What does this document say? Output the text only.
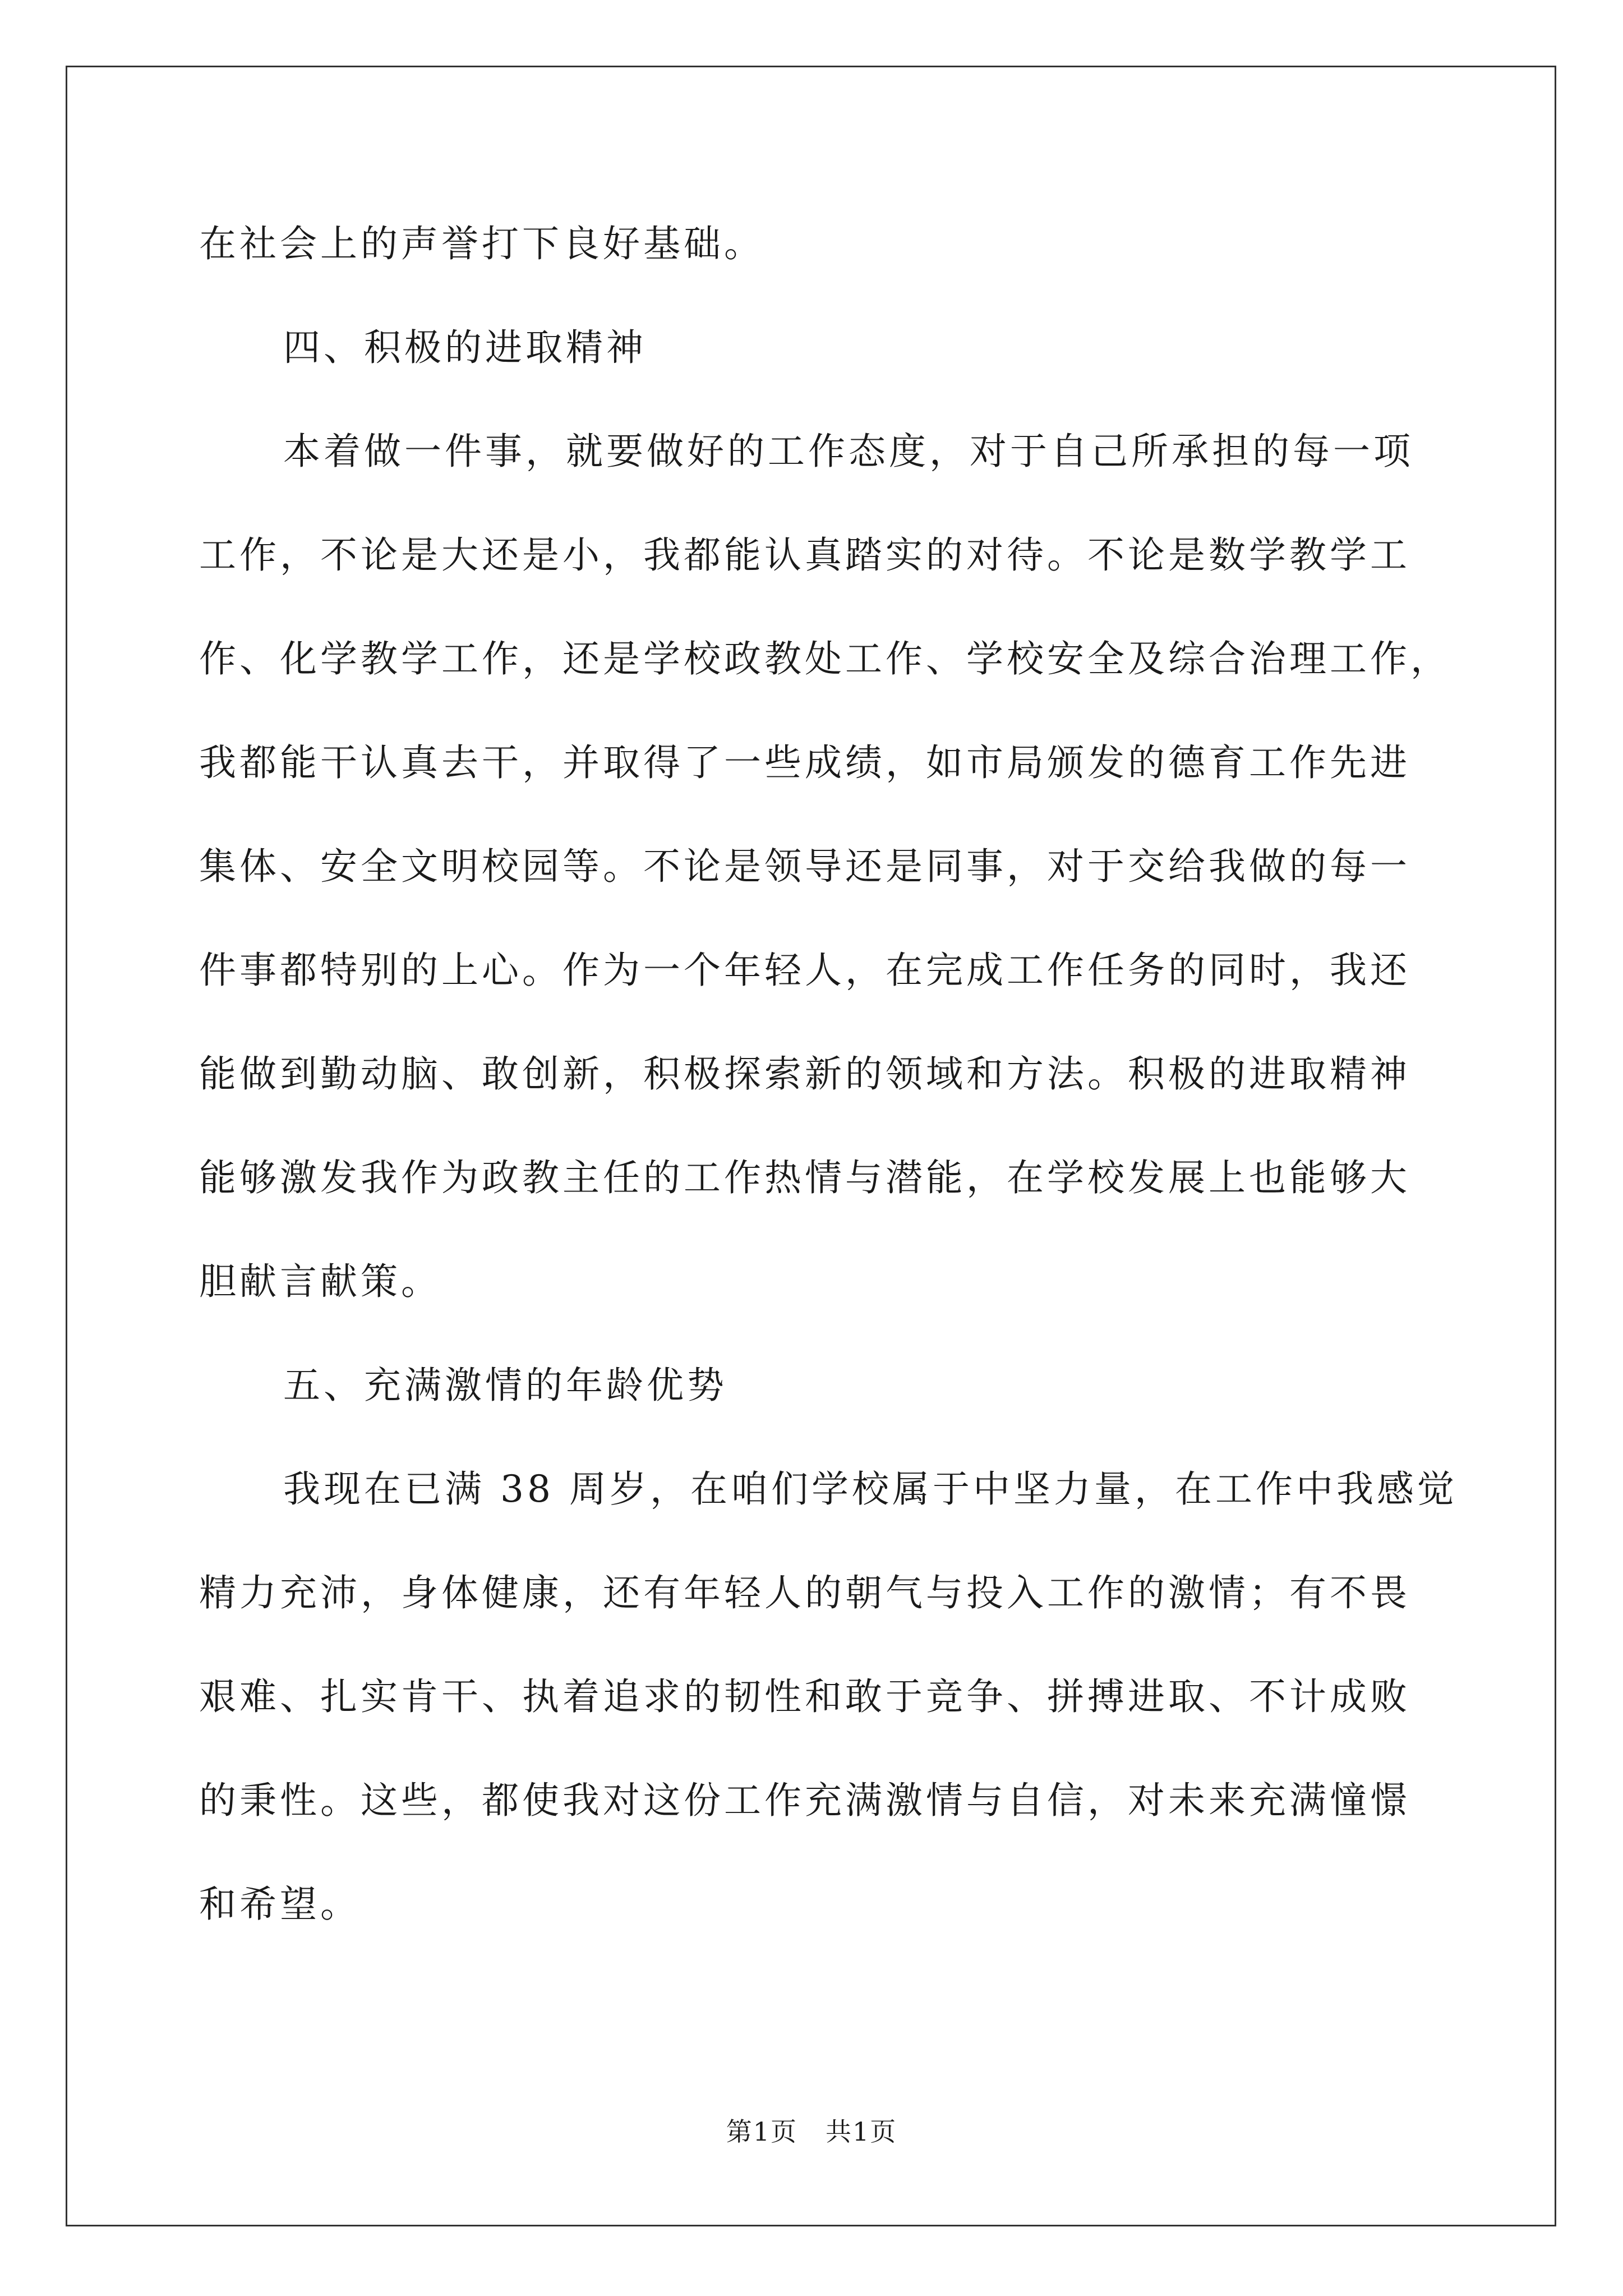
在社会上的声誉打下良好基础。
四、积极的进取精神
本着做一件事，就要做好的工作态度，对于自己所承担的每一项
工作，不论是大还是小，我都能认真踏实的对待。不论是数学教学工
作、化学教学工作，还是学校政教处工作、学校安全及综合治理工作，
我都能干认真去干，并取得了一些成绩，如市局颁发的德育工作先进
集体、安全文明校园等。不论是领导还是同事，对于交给我做的每一
件事都特别的上心。作为一个年轻人，在完成工作任务的同时，我还
能做到勤动脑、敢创新，积极探索新的领域和方法。积极的进取精神
能够激发我作为政教主任的工作热情与潜能，在学校发展上也能够大
胆献言献策。
五、充满激情的年龄优势
我现在已满 38 周岁，在咱们学校属于中坚力量，在工作中我感觉
精力充沛，身体健康，还有年轻人的朝气与投入工作的激情；有不畏
艰难、扎实肯干、执着追求的韧性和敢于竞争、拼搏进取、不计成败
的秉性。这些，都使我对这份工作充满激情与自信，对未来充满憧憬
和希望。
第1页 共1页
